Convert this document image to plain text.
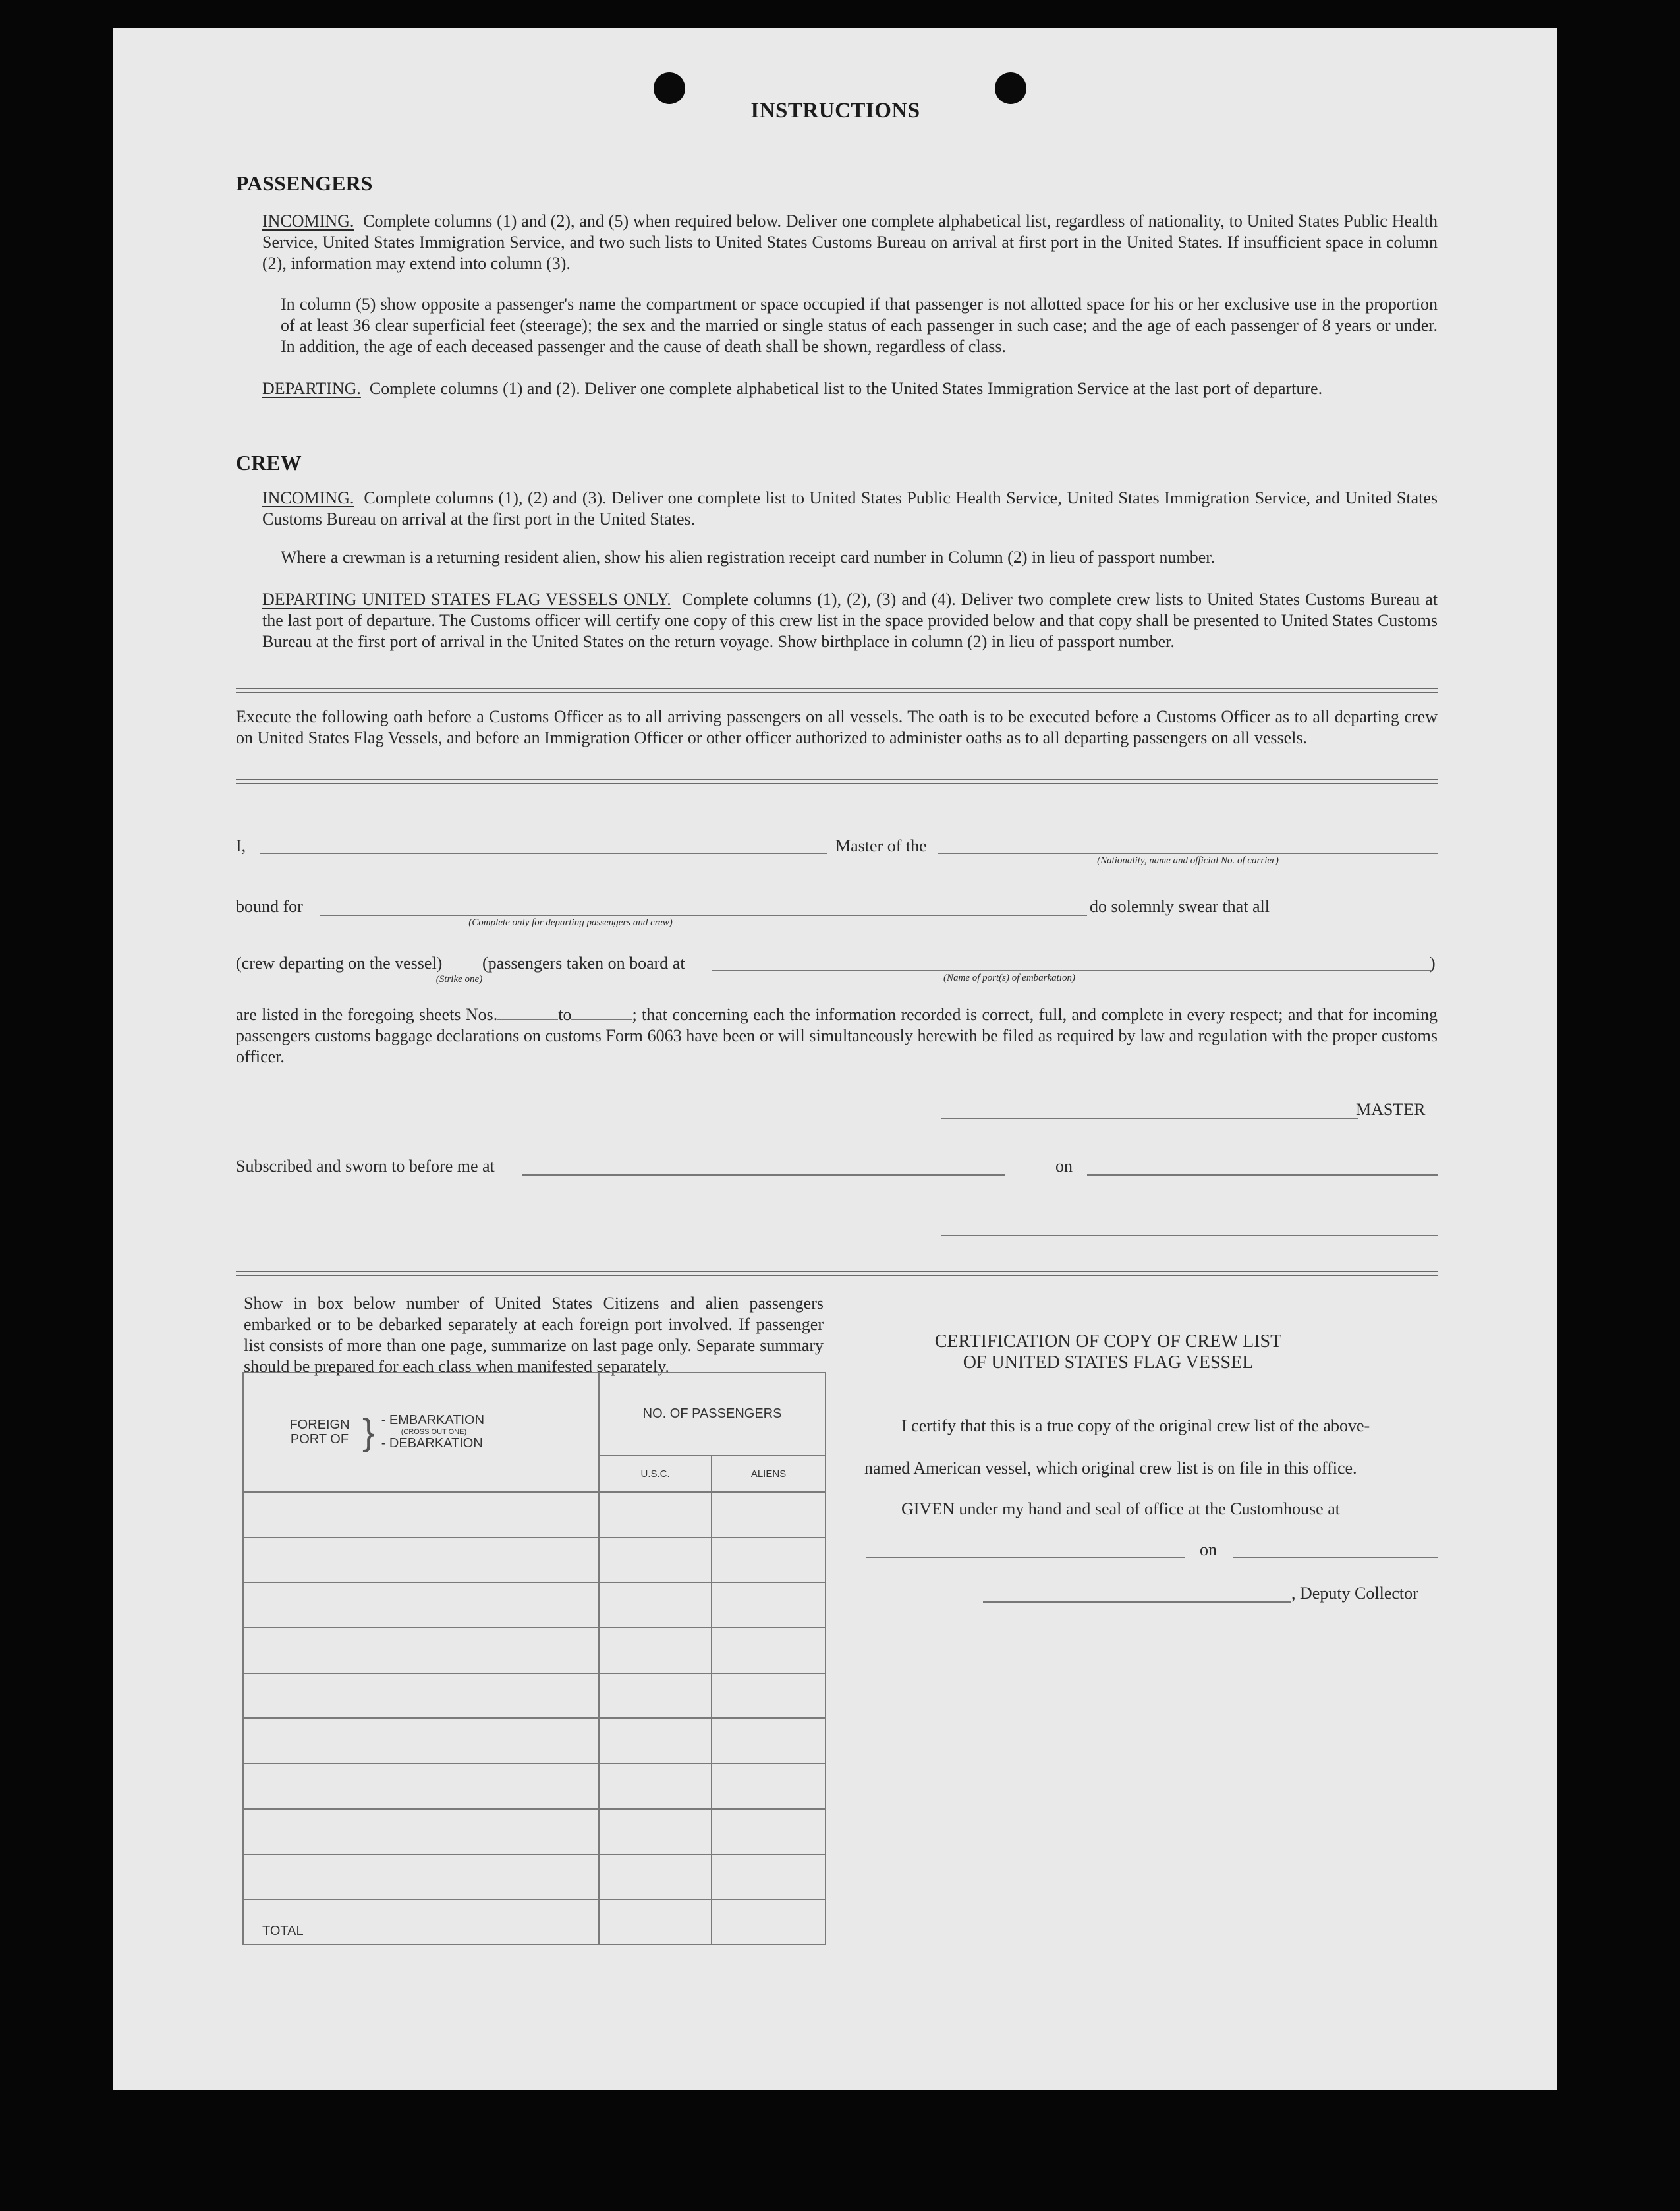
INSTRUCTIONS
PASSENGERS
INCOMING. Complete columns (1) and (2), and (5) when required below. Deliver one complete alphabetical list, regardless of nationality, to United States Public Health Service, United States Immigration Service, and two such lists to United States Customs Bureau on arrival at first port in the United States. If insufficient space in column (2), information may extend into column (3).
In column (5) show opposite a passenger's name the compartment or space occupied if that passenger is not allotted space for his or her exclusive use in the proportion of at least 36 clear superficial feet (steerage); the sex and the married or single status of each passenger in such case; and the age of each passenger of 8 years or under. In addition, the age of each deceased passenger and the cause of death shall be shown, regardless of class.
DEPARTING. Complete columns (1) and (2). Deliver one complete alphabetical list to the United States Immigration Service at the last port of departure.
CREW
INCOMING. Complete columns (1), (2) and (3). Deliver one complete list to United States Public Health Service, United States Immigration Service, and United States Customs Bureau on arrival at the first port in the United States.
Where a crewman is a returning resident alien, show his alien registration receipt card number in Column (2) in lieu of passport number.
DEPARTING UNITED STATES FLAG VESSELS ONLY. Complete columns (1), (2), (3) and (4). Deliver two complete crew lists to United States Customs Bureau at the last port of departure. The Customs officer will certify one copy of this crew list in the space provided below and that copy shall be presented to United States Customs Bureau at the first port of arrival in the United States on the return voyage. Show birthplace in column (2) in lieu of passport number.
Execute the following oath before a Customs Officer as to all arriving passengers on all vessels. The oath is to be executed before a Customs Officer as to all departing crew on United States Flag Vessels, and before an Immigration Officer or other officer authorized to administer oaths as to all departing passengers on all vessels.
I,	Master of the
(Nationality, name and official No. of carrier)
bound for
(Complete only for departing passengers and crew)
do solemnly swear that all
(crew departing on the vessel)
(Strike one)
(passengers taken on board at
(Name of port(s) of embarkation)
)
are listed in the foregoing sheets Nos.	to	; that concerning each the information recorded is correct, full, and complete in every respect; and that for incoming passengers customs baggage declarations on customs Form 6063 have been or will simultaneously herewith be filed as required by law and regulation with the proper customs officer.
MASTER
Subscribed and sworn to before me at	on
Show in box below number of United States Citizens and alien passengers embarked or to be debarked separately at each foreign port involved. If passenger list consists of more than one page, summarize on last page only. Separate summary should be prepared for each class when manifested separately.
FOREIGN PORT OF } - EMBARKATION
(CROSS OUT ONE)
- DEBARKATION	NO. OF PASSENGERS	
	U.S.C.	ALIENS

TOTAL		
CERTIFICATION OF COPY OF CREW LIST
OF UNITED STATES FLAG VESSEL
I certify that this is a true copy of the original crew list of the above-
named American vessel, which original crew list is on file in this office.
GIVEN under my hand and seal of office at the Customhouse at
on
, Deputy Collector
